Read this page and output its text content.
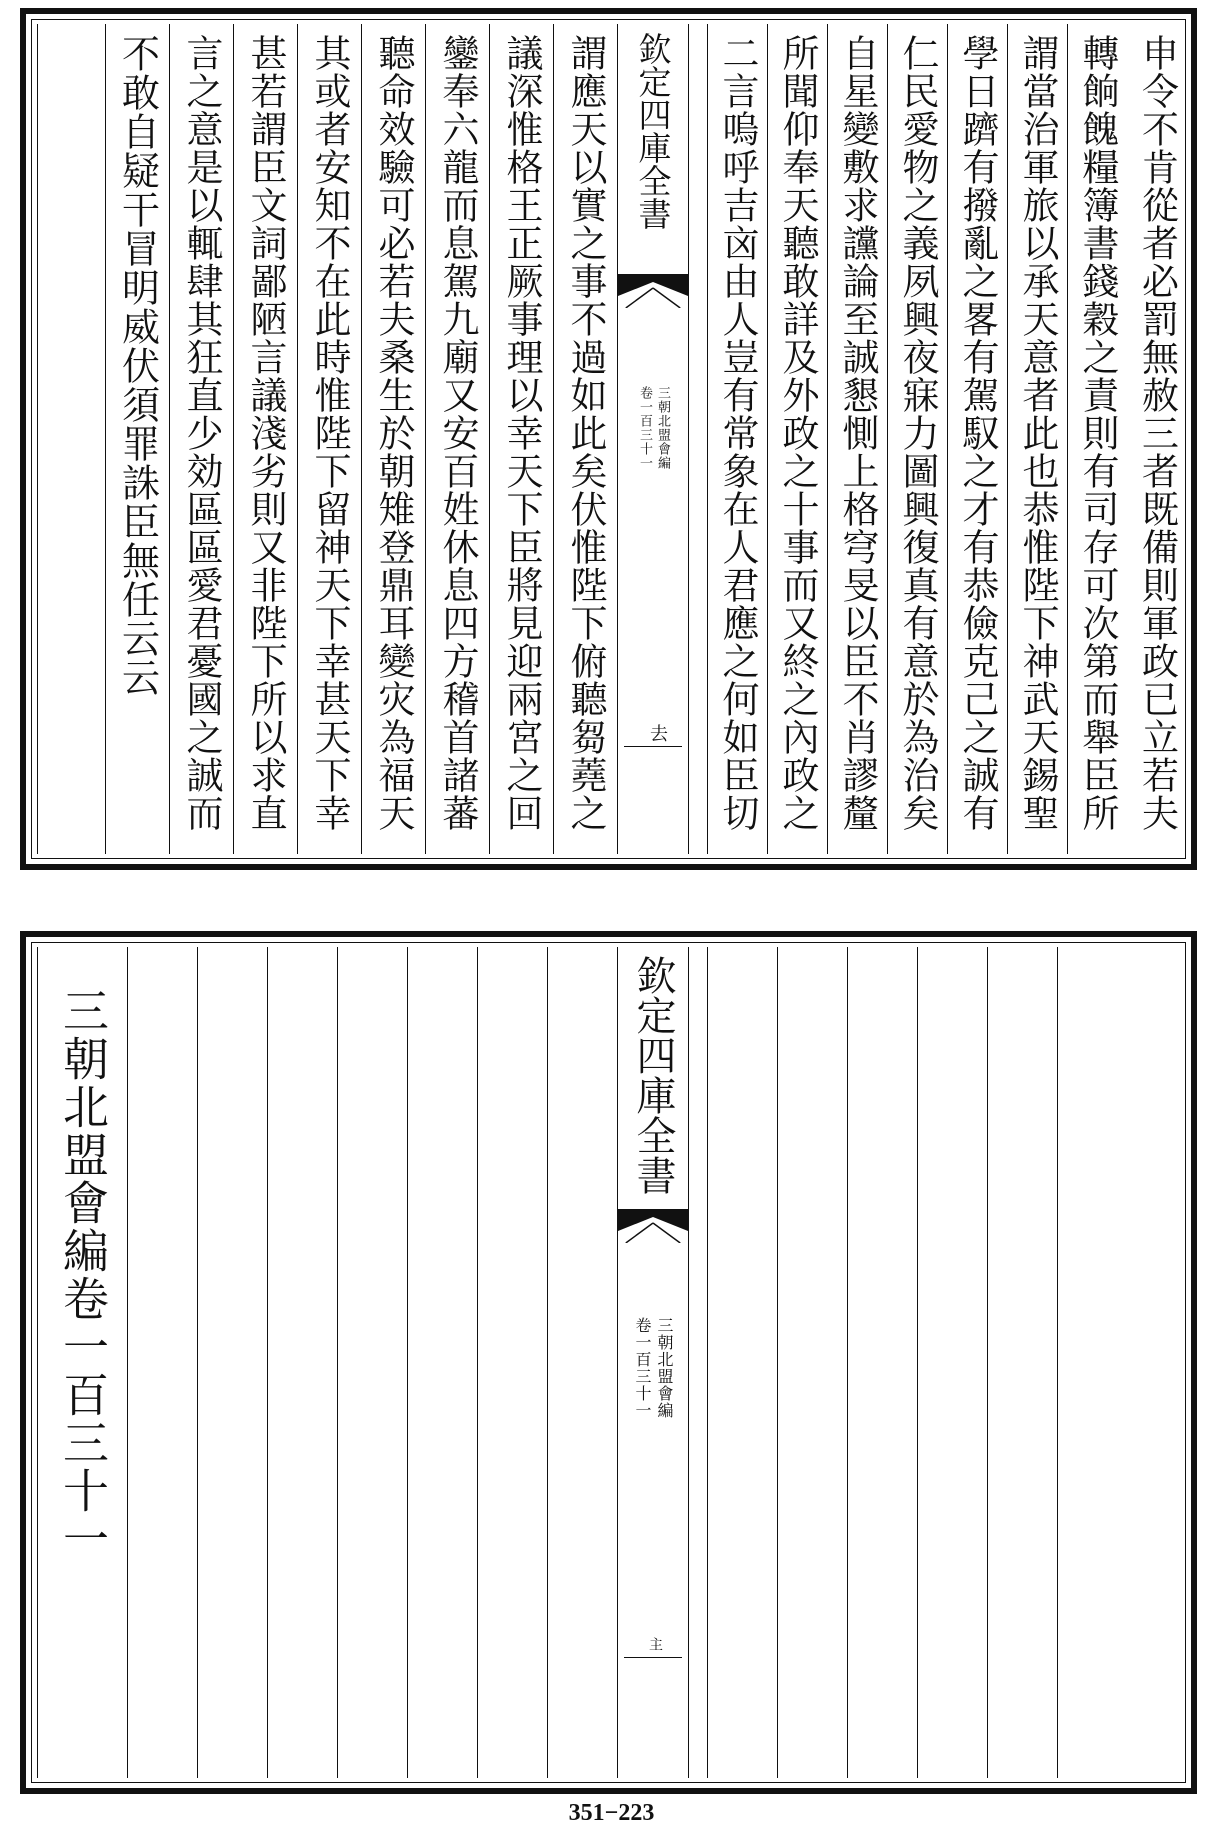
申令不肯從者必罰無赦三者既備則軍政已立若夫
轉餉餽糧簿書錢穀之責則有司存可次第而舉臣所
謂當治軍旅以承天意者此也恭惟陛下神武天錫聖
學日躋有撥亂之畧有駕馭之才有恭儉克己之誠有
仁民愛物之義夙興夜寐力圖興復真有意於為治矣
自星變敷求讜論至誠懇惻上格穹旻以臣不肖謬釐
所聞仰奉天聽敢詳及外政之十事而又終之內政之
二言嗚呼吉㐫由人豈有常象在人君應之何如臣切
欽定四庫全書
三朝北盟會編
卷一百三十一
去
謂應天以實之事不過如此矣伏惟陛下俯聽芻蕘之
議深惟格王正厥事理以幸天下臣將見迎兩宮之回
鑾奉六龍而息駕九廟又安百姓休息四方稽首諸蕃
聽命效驗可必若夫桑生於朝雉登鼎耳變灾為福天
其或者安知不在此時惟陛下留神天下幸甚天下幸
甚若謂臣文詞鄙陋言議淺劣則又非陛下所以求直
言之意是以輒肆其狂直少効區區愛君憂國之誠而
不敢自疑干冒明威伏須罪誅臣無任云云
欽定四庫全書
三朝北盟會編
卷一百三十一
主
三朝北盟會編卷一百三十一
351−223
